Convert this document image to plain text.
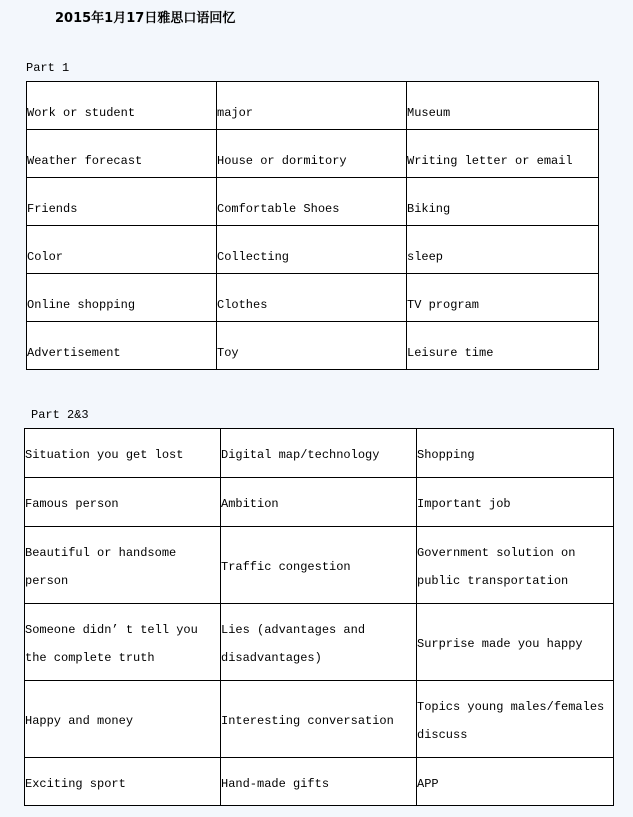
2015年1月17日雅思口语回忆
Part 1
Work or student	major	Museum
Weather forecast	House or dormitory	Writing letter or email
Friends	Comfortable Shoes	Biking
Color	Collecting	sleep
Online shopping	Clothes	TV program
Advertisement	Toy	Leisure time
Part 2&3
Situation you get lost	Digital map/technology	Shopping
Famous person	Ambition	Important job
Beautiful or handsome person	Traffic congestion	Government solution on public transportation
Someone didn’ t tell you the complete truth	Lies (advantages and disadvantages)	Surprise made you happy
Happy and money	Interesting conversation	Topics young males/females discuss
Exciting sport	Hand-made gifts	APP
